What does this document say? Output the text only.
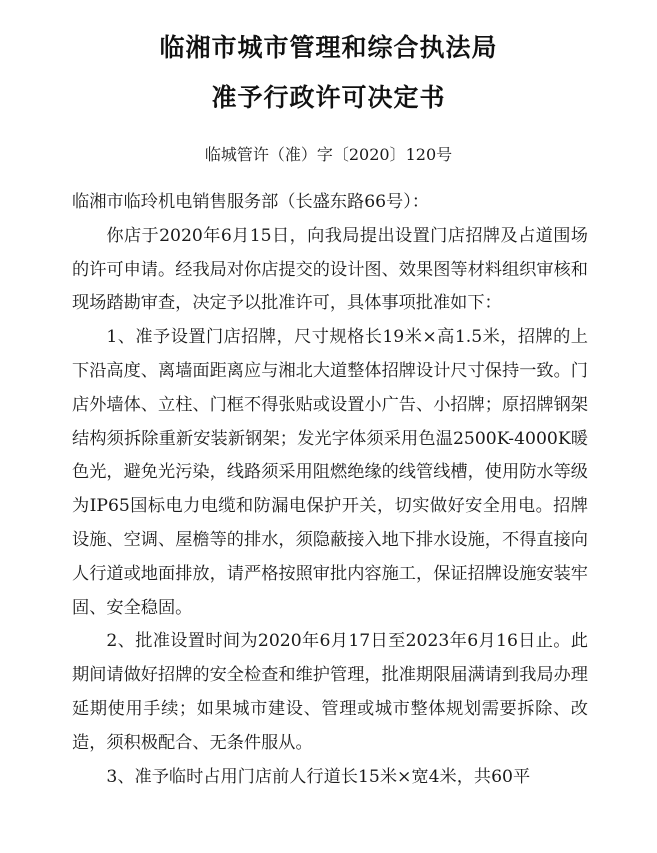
临湘市城市管理和综合执法局
准予行政许可决定书
临城管许（准）字〔2020〕120号

临湘市临玲机电销售服务部（长盛东路66号）：

你店于2020年6月15日，向我局提出设置门店招牌及占道围场的许可申请。经我局对你店提交的设计图、效果图等材料组织审核和现场踏勘审查，决定予以批准许可，具体事项批准如下：

1、准予设置门店招牌，尺寸规格长19米×高1.5米，招牌的上下沿高度、离墙面距离应与湘北大道整体招牌设计尺寸保持一致。门店外墙体、立柱、门框不得张贴或设置小广告、小招牌；原招牌钢架结构须拆除重新安装新钢架；发光字体须采用色温2500K-4000K暖色光，避免光污染，线路须采用阻燃绝缘的线管线槽，使用防水等级为IP65国标电力电缆和防漏电保护开关，切实做好安全用电。招牌设施、空调、屋檐等的排水，须隐蔽接入地下排水设施，不得直接向人行道或地面排放，请严格按照审批内容施工，保证招牌设施安装牢固、安全稳固。

2、批准设置时间为2020年6月17日至2023年6月16日止。此期间请做好招牌的安全检查和维护管理，批准期限届满请到我局办理延期使用手续；如果城市建设、管理或城市整体规划需要拆除、改造，须积极配合、无条件服从。

3、准予临时占用门店前人行道长15米×宽4米，共60平
